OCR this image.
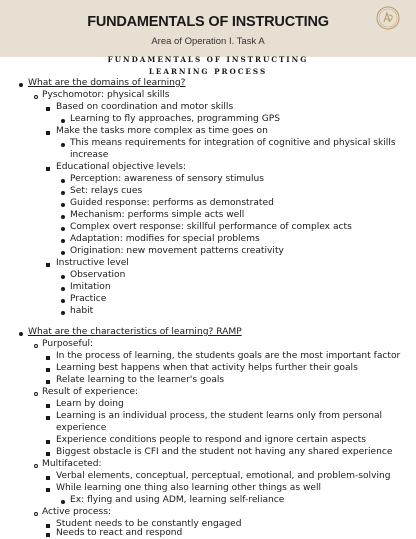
FUNDAMENTALS OF INSTRUCTING
Area of Operation I. Task A
FUNDAMENTALS OF INSTRUCTING
LEARNING PROCESS
What are the domains of learning?
Pyschomotor: physical skills
Based on coordination and motor skills
Learning to fly approaches, programming GPS
Make the tasks more complex as time goes on
This means requirements for integration of cognitive and physical skills
increase
Educational objective levels:
Perception: awareness of sensory stimulus
Set: relays cues
Guided response: performs as demonstrated
Mechanism: performs simple acts well
Complex overt response: skillful performance of complex acts
Adaptation: modifies for special problems
Origination: new movement patterns creativity
Instructive level
Observation
Imitation
Practice
habit
What are the characteristics of learning? RAMP
Purposeful:
In the process of learning, the students goals are the most important factor
Learning best happens when that activity helps further their goals
Relate learning to the learner's goals
Result of experience:
Learn by doing
Learning is an individual process, the student learns only from personal
experience
Experience conditions people to respond and ignore certain aspects
Biggest obstacle is CFI and the student not having any shared experience
Multifaceted:
Verbal elements, conceptual, perceptual, emotional, and problem-solving
While learning one thing also learning other things as well
Ex: flying and using ADM, learning self-reliance
Active process:
Student needs to be constantly engaged
Needs to react and respond
